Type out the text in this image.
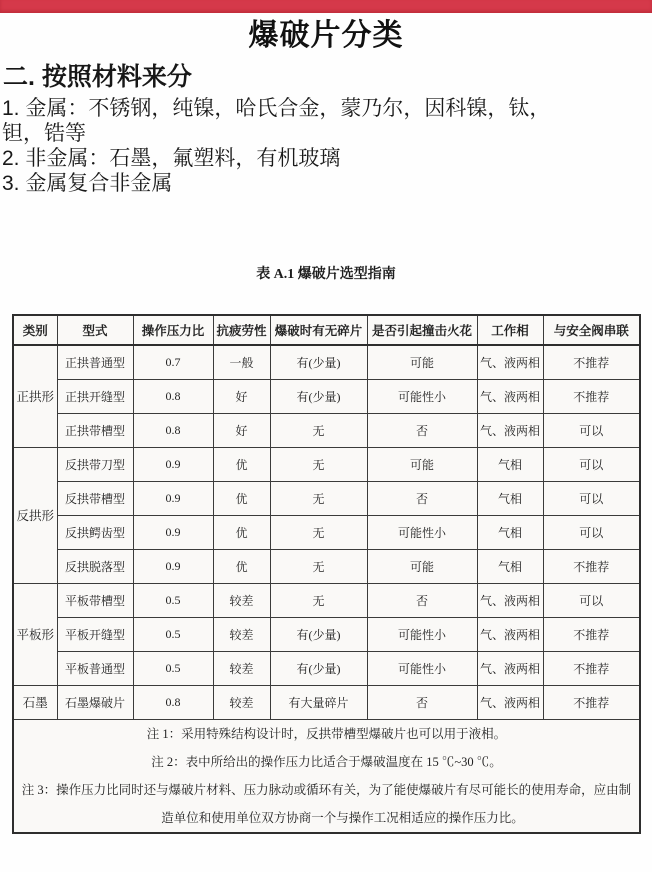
爆破片分类
二. 按照材料来分
1. 金属：不锈钢，纯镍，哈氏合金，蒙乃尔，因科镍，钛，
钽，锆等
2. 非金属：石墨，氟塑料，有机玻璃
3. 金属复合非金属
表 A.1 爆破片选型指南
类别	型式	操作压力比	抗疲劳性	爆破时有无碎片	是否引起撞击火花	工作相	与安全阀串联
正拱形	正拱普通型	0.7	一般	有(少量)	可能	气、液两相	不推荐
	正拱开缝型	0.8	好	有(少量)	可能性小	气、液两相	不推荐
	正拱带槽型	0.8	好	无	否	气、液两相	可以
反拱形	反拱带刀型	0.9	优	无	可能	气相	可以
	反拱带槽型	0.9	优	无	否	气相	可以
	反拱鳄齿型	0.9	优	无	可能性小	气相	可以
	反拱脱落型	0.9	优	无	可能	气相	不推荐
平板形	平板带槽型	0.5	较差	无	否	气、液两相	可以
	平板开缝型	0.5	较差	有(少量)	可能性小	气、液两相	不推荐
	平板普通型	0.5	较差	有(少量)	可能性小	气、液两相	不推荐
石墨	石墨爆破片	0.8	较差	有大量碎片	否	气、液两相	不推荐

注 1：采用特殊结构设计时，反拱带槽型爆破片也可以用于液相。
注 2：表中所给出的操作压力比适合于爆破温度在 15 ℃~30 ℃。
注 3：操作压力比同时还与爆破片材料、压力脉动或循环有关，为了能使爆破片有尽可能长的使用寿命，应由制造单位和使用单位双方协商一个与操作工况相适应的操作压力比。							
